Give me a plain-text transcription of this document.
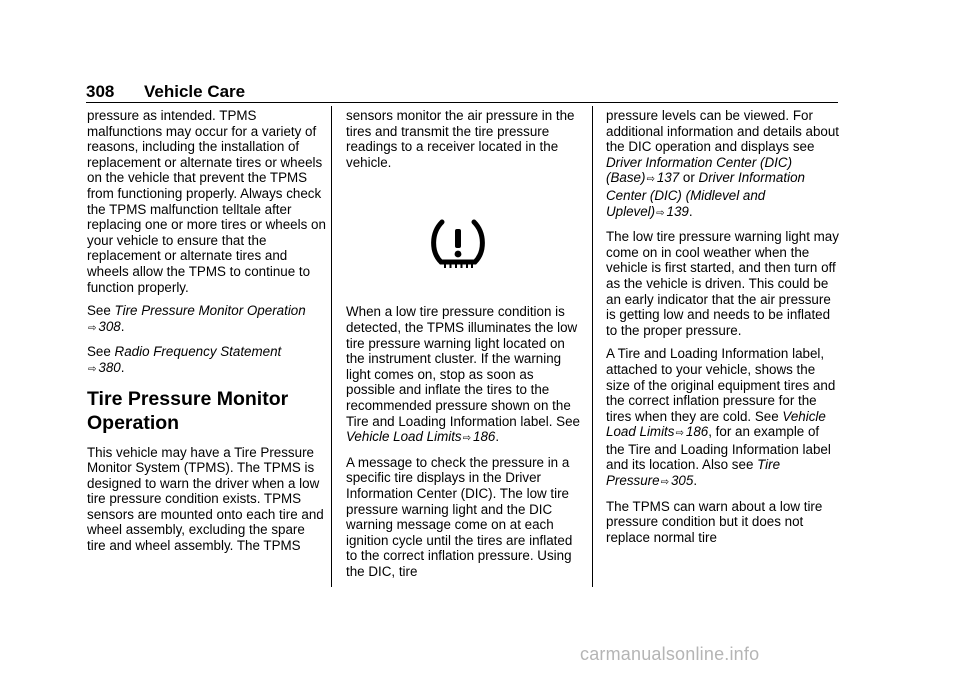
308 Vehicle Care

pressure as intended. TPMS malfunctions may occur for a variety of reasons, including the installation of replacement or alternate tires or wheels on the vehicle that prevent the TPMS from functioning properly. Always check the TPMS malfunction telltale after replacing one or more tires or wheels on your vehicle to ensure that the replacement or alternate tires and wheels allow the TPMS to continue to function properly.

See Tire Pressure Monitor Operation
⇨ 308.

See Radio Frequency Statement
⇨ 380.

Tire Pressure Monitor Operation

This vehicle may have a Tire Pressure Monitor System (TPMS). The TPMS is designed to warn the driver when a low tire pressure condition exists. TPMS sensors are mounted onto each tire and wheel assembly, excluding the spare tire and wheel assembly. The TPMS

sensors monitor the air pressure in the tires and transmit the tire pressure readings to a receiver located in the vehicle.

When a low tire pressure condition is detected, the TPMS illuminates the low tire pressure warning light located on the instrument cluster. If the warning light comes on, stop as soon as possible and inflate the tires to the recommended pressure shown on the Tire and Loading Information label. See Vehicle Load Limits⇨ 186.

A message to check the pressure in a specific tire displays in the Driver Information Center (DIC). The low tire pressure warning light and the DIC warning message come on at each ignition cycle until the tires are inflated to the correct inflation pressure. Using the DIC, tire

pressure levels can be viewed. For additional information and details about the DIC operation and displays see Driver Information Center (DIC) (Base)⇨ 137 or Driver Information Center (DIC) (Midlevel and Uplevel)⇨ 139.

The low tire pressure warning light may come on in cool weather when the vehicle is first started, and then turn off as the vehicle is driven. This could be an early indicator that the air pressure is getting low and needs to be inflated to the proper pressure.

A Tire and Loading Information label, attached to your vehicle, shows the size of the original equipment tires and the correct inflation pressure for the tires when they are cold. See Vehicle Load Limits⇨ 186, for an example of the Tire and Loading Information label and its location. Also see Tire Pressure⇨ 305.

The TPMS can warn about a low tire pressure condition but it does not replace normal tire

carmanualsonline.info
